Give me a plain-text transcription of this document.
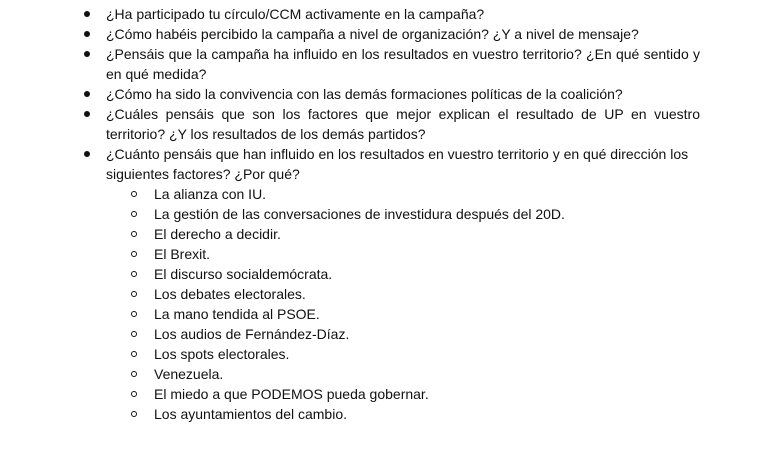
¿Ha participado tu círculo/CCM activamente en la campaña?
¿Cómo habéis percibido la campaña a nivel de organización? ¿Y a nivel de mensaje?
¿Pensáis que la campaña ha influido en los resultados en vuestro territorio? ¿En qué sentido y en qué medida?
¿Cómo ha sido la convivencia con las demás formaciones políticas de la coalición?
¿Cuáles pensáis que son los factores que mejor explican el resultado de UP en vuestro territorio? ¿Y los resultados de los demás partidos?
¿Cuánto pensáis que han influido en los resultados en vuestro territorio y en qué dirección los siguientes factores? ¿Por qué?
La alianza con IU.
La gestión de las conversaciones de investidura después del 20D.
El derecho a decidir.
El Brexit.
El discurso socialdemócrata.
Los debates electorales.
La mano tendida al PSOE.
Los audios de Fernández-Díaz.
Los spots electorales.
Venezuela.
El miedo a que PODEMOS pueda gobernar.
Los ayuntamientos del cambio.
